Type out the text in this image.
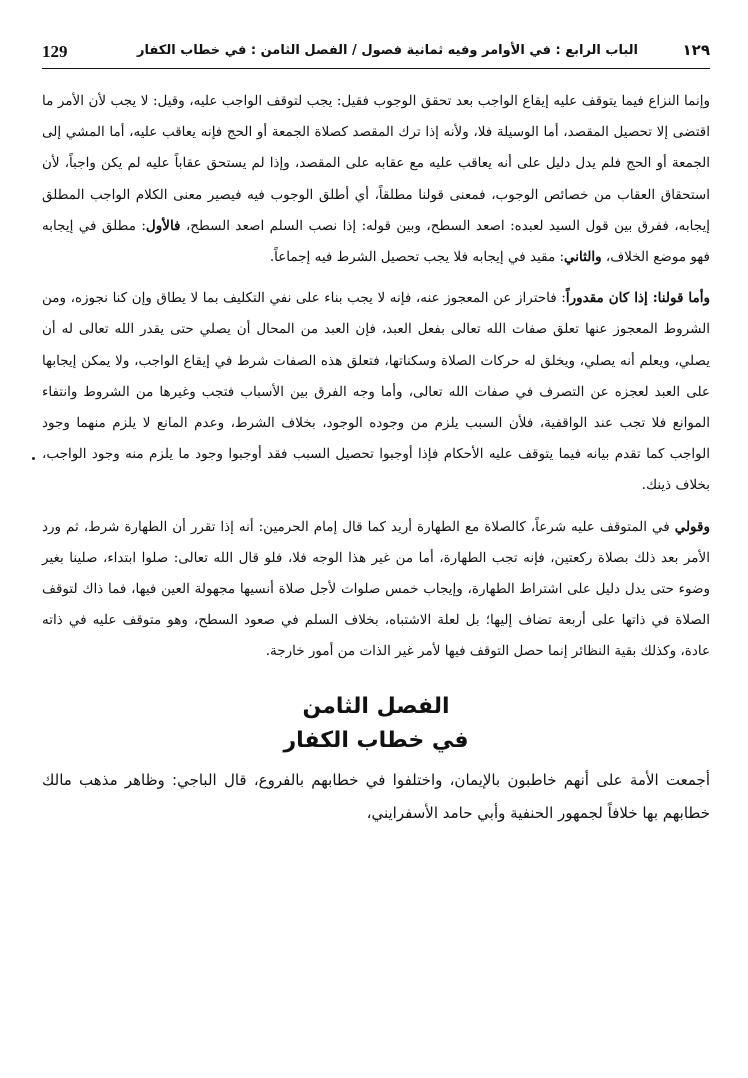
129	الباب الرابع : في الأوامر وفيه ثمانية فصول / الفصل الثامن : في خطاب الكفار	١٢٩

وإنما النزاع فيما يتوقف عليه إيقاع الواجب بعد تحقق الوجوب فقيل: يجب لتوقف الواجب عليه، وقيل: لا يجب لأن الأمر ما اقتضى إلا تحصيل المقصد، أما الوسيلة فلا، ولأنه إذا ترك المقصد كصلاة الجمعة أو الحج فإنه يعاقب عليه، أما المشي إلى الجمعة أو الحج فلم يدل دليل على أنه يعاقب عليه مع عقابه على المقصد، وإذا لم يستحق عقاباً عليه لم يكن واجباً، لأن استحقاق العقاب من خصائص الوجوب، فمعنى قولنا مطلقاً، أي أطلق الوجوب فيه فيصير معنى الكلام الواجب المطلق إيجابه، ففرق بين قول السيد لعبده: اصعد السطح، وبين قوله: إذا نصب السلم اصعد السطح، فالأول: مطلق في إيجابه فهو موضع الخلاف، والثاني: مقيد في إيجابه فلا يجب تحصيل الشرط فيه إجماعاً.

وأما قولنا: إذا كان مقدوراً: فاحتراز عن المعجوز عنه، فإنه لا يجب بناء على نفي التكليف بما لا يطاق وإن كنا نجوزه، ومن الشروط المعجوز عنها تعلق صفات الله تعالى بفعل العبد، فإن العبد من المحال أن يصلي حتى يقدر الله تعالى له أن يصلي، ويعلم أنه يصلي، ويخلق له حركات الصلاة وسكناتها، فتعلق هذه الصفات شرط في إيقاع الواجب، ولا يمكن إيجابها على العبد لعجزه عن التصرف في صفات الله تعالى، وأما وجه الفرق بين الأسباب فتجب وغيرها من الشروط وانتفاء الموانع فلا تجب عند الواقفية، فلأن السبب يلزم من وجوده الوجود، بخلاف الشرط، وعدم المانع لا يلزم منهما وجود الواجب كما تقدم بيانه فيما يتوقف عليه الأحكام فإذا أوجبوا تحصيل السبب فقد أوجبوا وجود ما يلزم منه وجود الواجب، بخلاف ذينك.

وقولي في المتوقف عليه شرعاً، كالصلاة مع الطهارة أريد كما قال إمام الحرمين: أنه إذا تقرر أن الطهارة شرط، ثم ورد الأمر بعد ذلك بصلاة ركعتين، فإنه تجب الطهارة، أما من غير هذا الوجه فلا، فلو قال الله تعالى: صلوا ابتداء، صلينا بغير وضوء حتى يدل دليل على اشتراط الطهارة، وإيجاب خمس صلوات لأجل صلاة أنسيها مجهولة العين فيها، فما ذاك لتوقف الصلاة في ذاتها على أربعة تضاف إليها؛ بل لعلة الاشتباه، بخلاف السلم في صعود السطح، وهو متوقف عليه في ذاته عادة، وكذلك بقية النظائر إنما حصل التوقف فيها لأمر غير الذات من أمور خارجة.

الفصل الثامن
في خطاب الكفار

أجمعت الأمة على أنهم خاطبون بالإيمان، واختلفوا في خطابهم بالفروع، قال الباجي: وظاهر مذهب مالك خطابهم بها خلافاً لجمهور الحنفية وأبي حامد الأسفرايني،
